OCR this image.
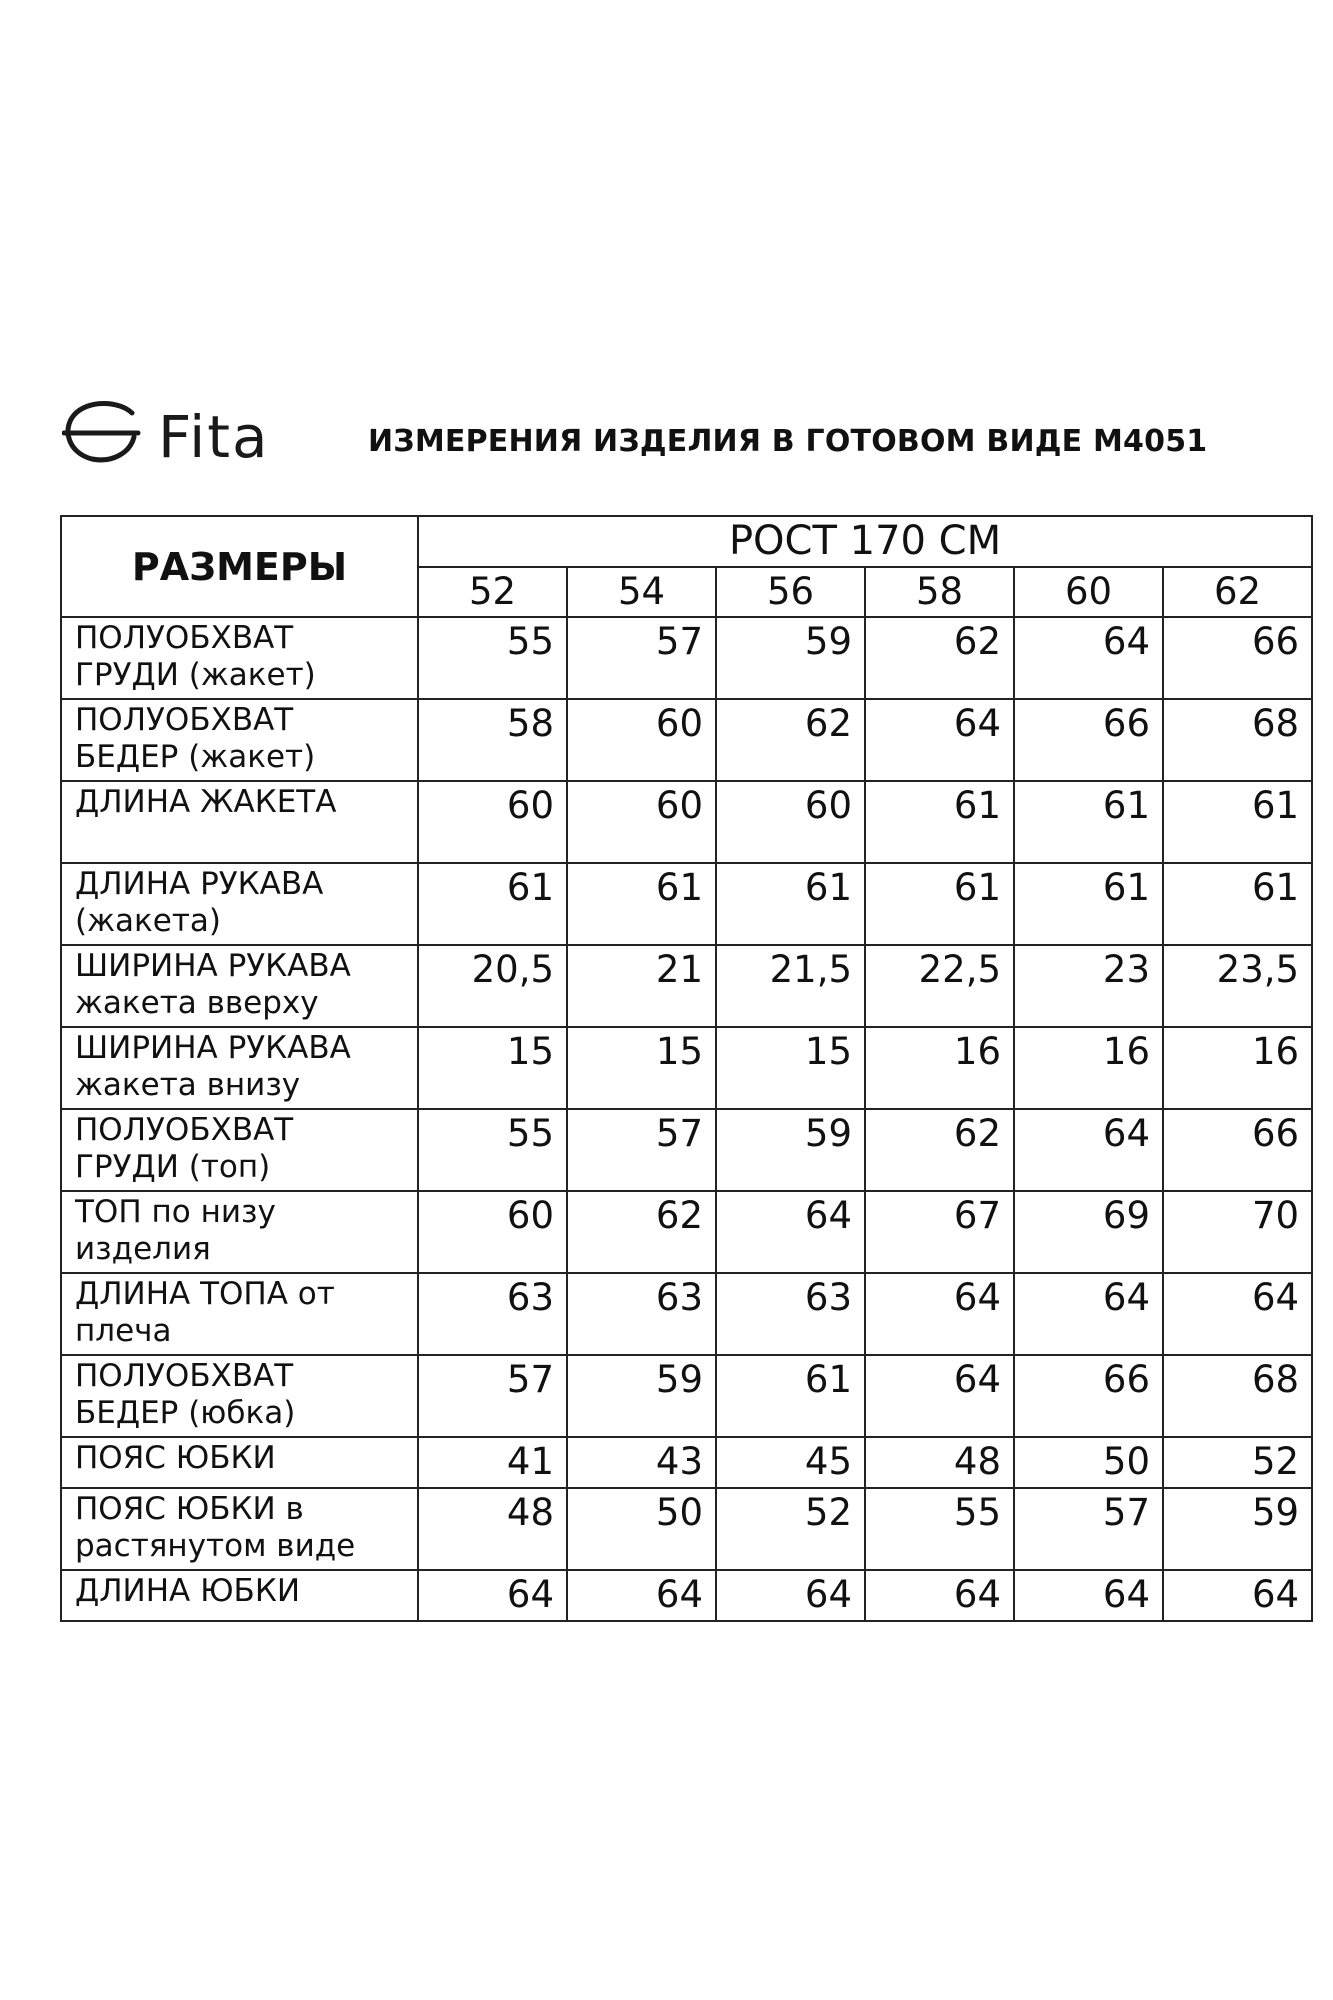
Fita	ИЗМЕРЕНИЯ ИЗДЕЛИЯ В ГОТОВОМ ВИДЕ М4051
РАЗМЕРЫ	РОСТ 170 СМ					
	52	54	56	58	60	62
ПОЛУОБХВАТ
ГРУДИ (жакет)	55	57	59	62	64	66
ПОЛУОБХВАТ
БЕДЕР (жакет)	58	60	62	64	66	68
ДЛИНА ЖАКЕТА	60	60	60	61	61	61
ДЛИНА РУКАВА
(жакета)	61	61	61	61	61	61
ШИРИНА РУКАВА
жакета вверху	20,5	21	21,5	22,5	23	23,5
ШИРИНА РУКАВА
жакета внизу	15	15	15	16	16	16
ПОЛУОБХВАТ
ГРУДИ (топ)	55	57	59	62	64	66
ТОП по низу
изделия	60	62	64	67	69	70
ДЛИНА ТОПА от
плеча	63	63	63	64	64	64
ПОЛУОБХВАТ
БЕДЕР (юбка)	57	59	61	64	66	68
ПОЯС ЮБКИ	41	43	45	48	50	52
ПОЯС ЮБКИ в
растянутом виде	48	50	52	55	57	59
ДЛИНА ЮБКИ	64	64	64	64	64	64
